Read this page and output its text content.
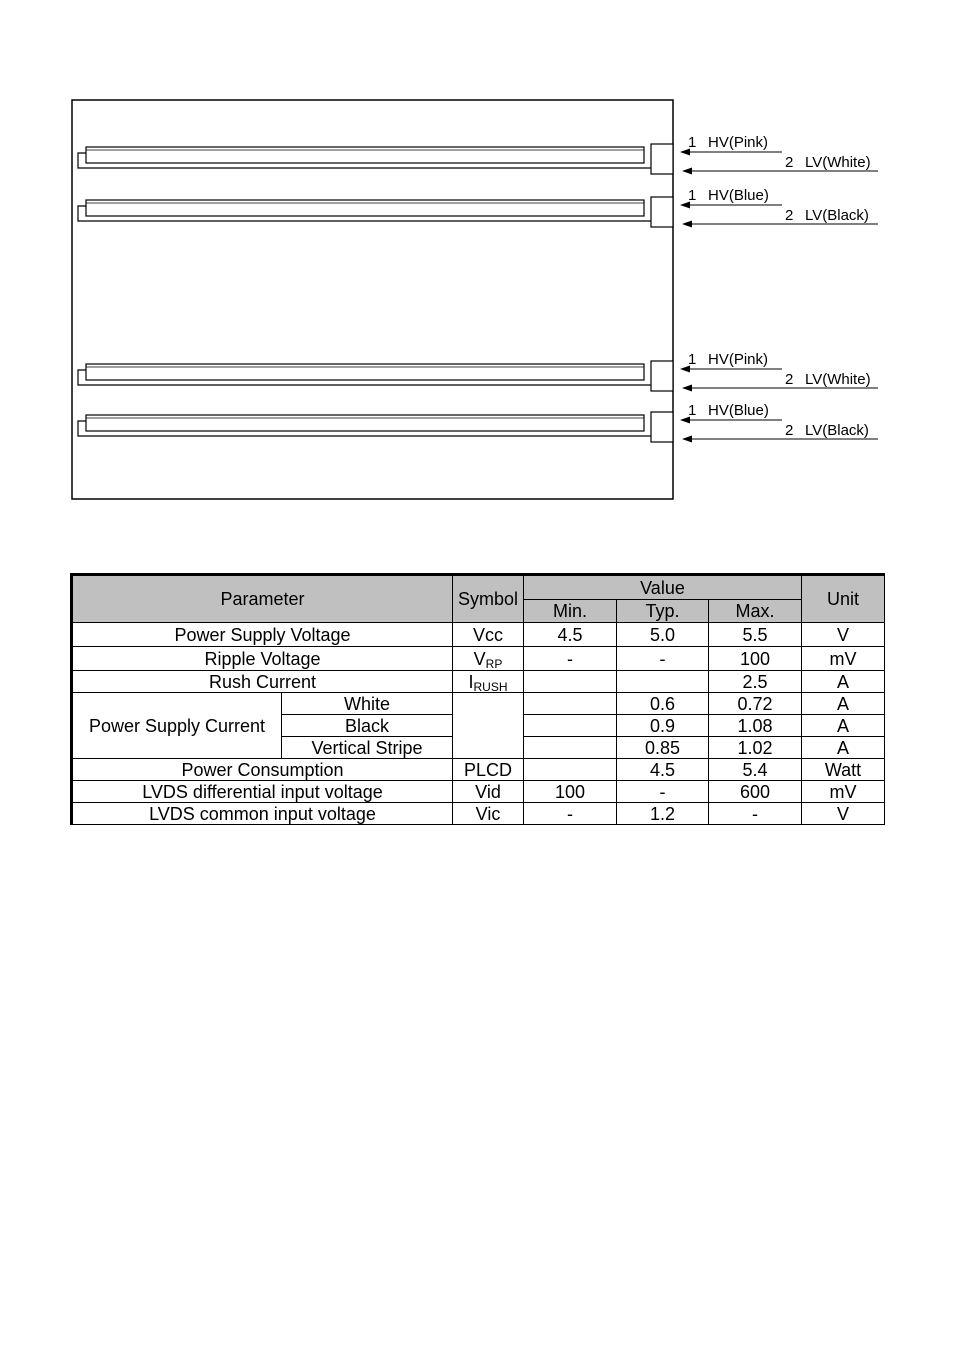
1 HV(Pink)
2 LV(White)
1 HV(Blue)
2 LV(Black)
1 HV(Pink)
2 LV(White)
1 HV(Blue)
2 LV(Black)
Parameter		Symbol	Value			Unit
			Min.	Typ.	Max.	
Power Supply Voltage		Vcc	4.5	5.0	5.5	V
Ripple Voltage		$V_{RP}$	-	-	100	mV
Rush Current		$I_{RUSH}$			2.5	A
Power Supply Current	White			0.6	0.72	A
	Black			0.9	1.08	A
	Vertical Stripe			0.85	1.02	A
Power Consumption		PLCD		4.5	5.4	Watt
LVDS differential input voltage		Vid	100	-	600	mV
LVDS common input voltage		Vic	-	1.2	-	V
